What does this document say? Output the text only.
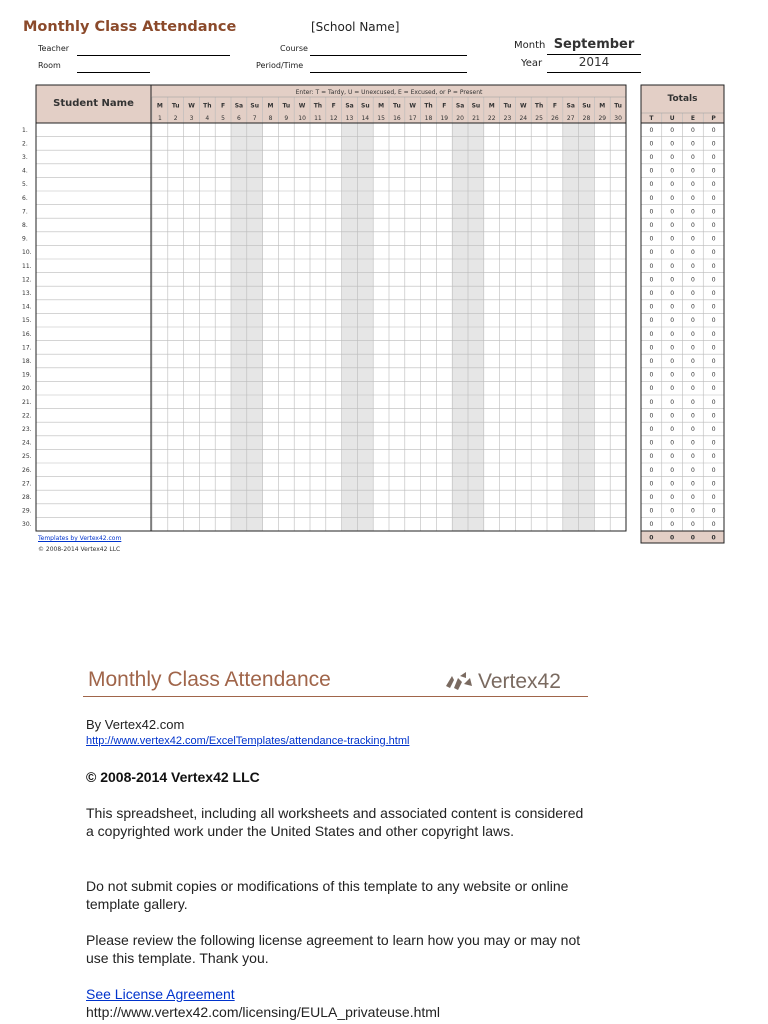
Monthly Class Attendance	[School Name]
Teacher
Room
Course
Period/Time
Month September
Year	2014
Student Name
Enter: T = Tardy, U = Unexcused, E = Excused, or P = Present
Totals
M Tu W Th F Sa Su M Tu W Th F Sa Su M Tu W Th F Sa Su M Tu W Th F Sa Su M Tu
1 2 3 4 5 6 7 8 9 10 11 12 13 14 15 16 17 18 19 20 21 22 23 24 25 26 27 28 29 30	T	U	E	P
1.	0	0	0	0
2.	0	0	0	0
3.	0	0	0	0
4.	0	0	0	0
5.	0	0	0	0
6.	0	0	0	0
7.	0	0	0	0
8.	0	0	0	0
9.	0	0	0	0
10.	0	0	0	0
11.	0	0	0	0
12.	0	0	0	0
13.	0	0	0	0
14.	0	0	0	0
15.	0	0	0	0
16.	0	0	0	0
17.	0	0	0	0
18.	0	0	0	0
19.	0	0	0	0
20.	0	0	0	0
21.	0	0	0	0
22.	0	0	0	0
23.	0	0	0	0
24.	0	0	0	0
25.	0	0	0	0
26.	0	0	0	0
27.	0	0	0	0
28.	0	0	0	0
29.	0	0	0	0
30.	0	0	0	0
0	0	0	0
Templates by Vertex42.com
© 2008-2014 Vertex42 LLC
Monthly Class Attendance	Vertex42
By Vertex42.com
http://www.vertex42.com/ExcelTemplates/attendance-tracking.html
© 2008-2014 Vertex42 LLC
This spreadsheet, including all worksheets and associated content is considered a copyrighted work under the United States and other copyright laws.
Do not submit copies or modifications of this template to any website or online template gallery.
Please review the following license agreement to learn how you may or may not use this template. Thank you.
See License Agreement
http://www.vertex42.com/licensing/EULA_privateuse.html
